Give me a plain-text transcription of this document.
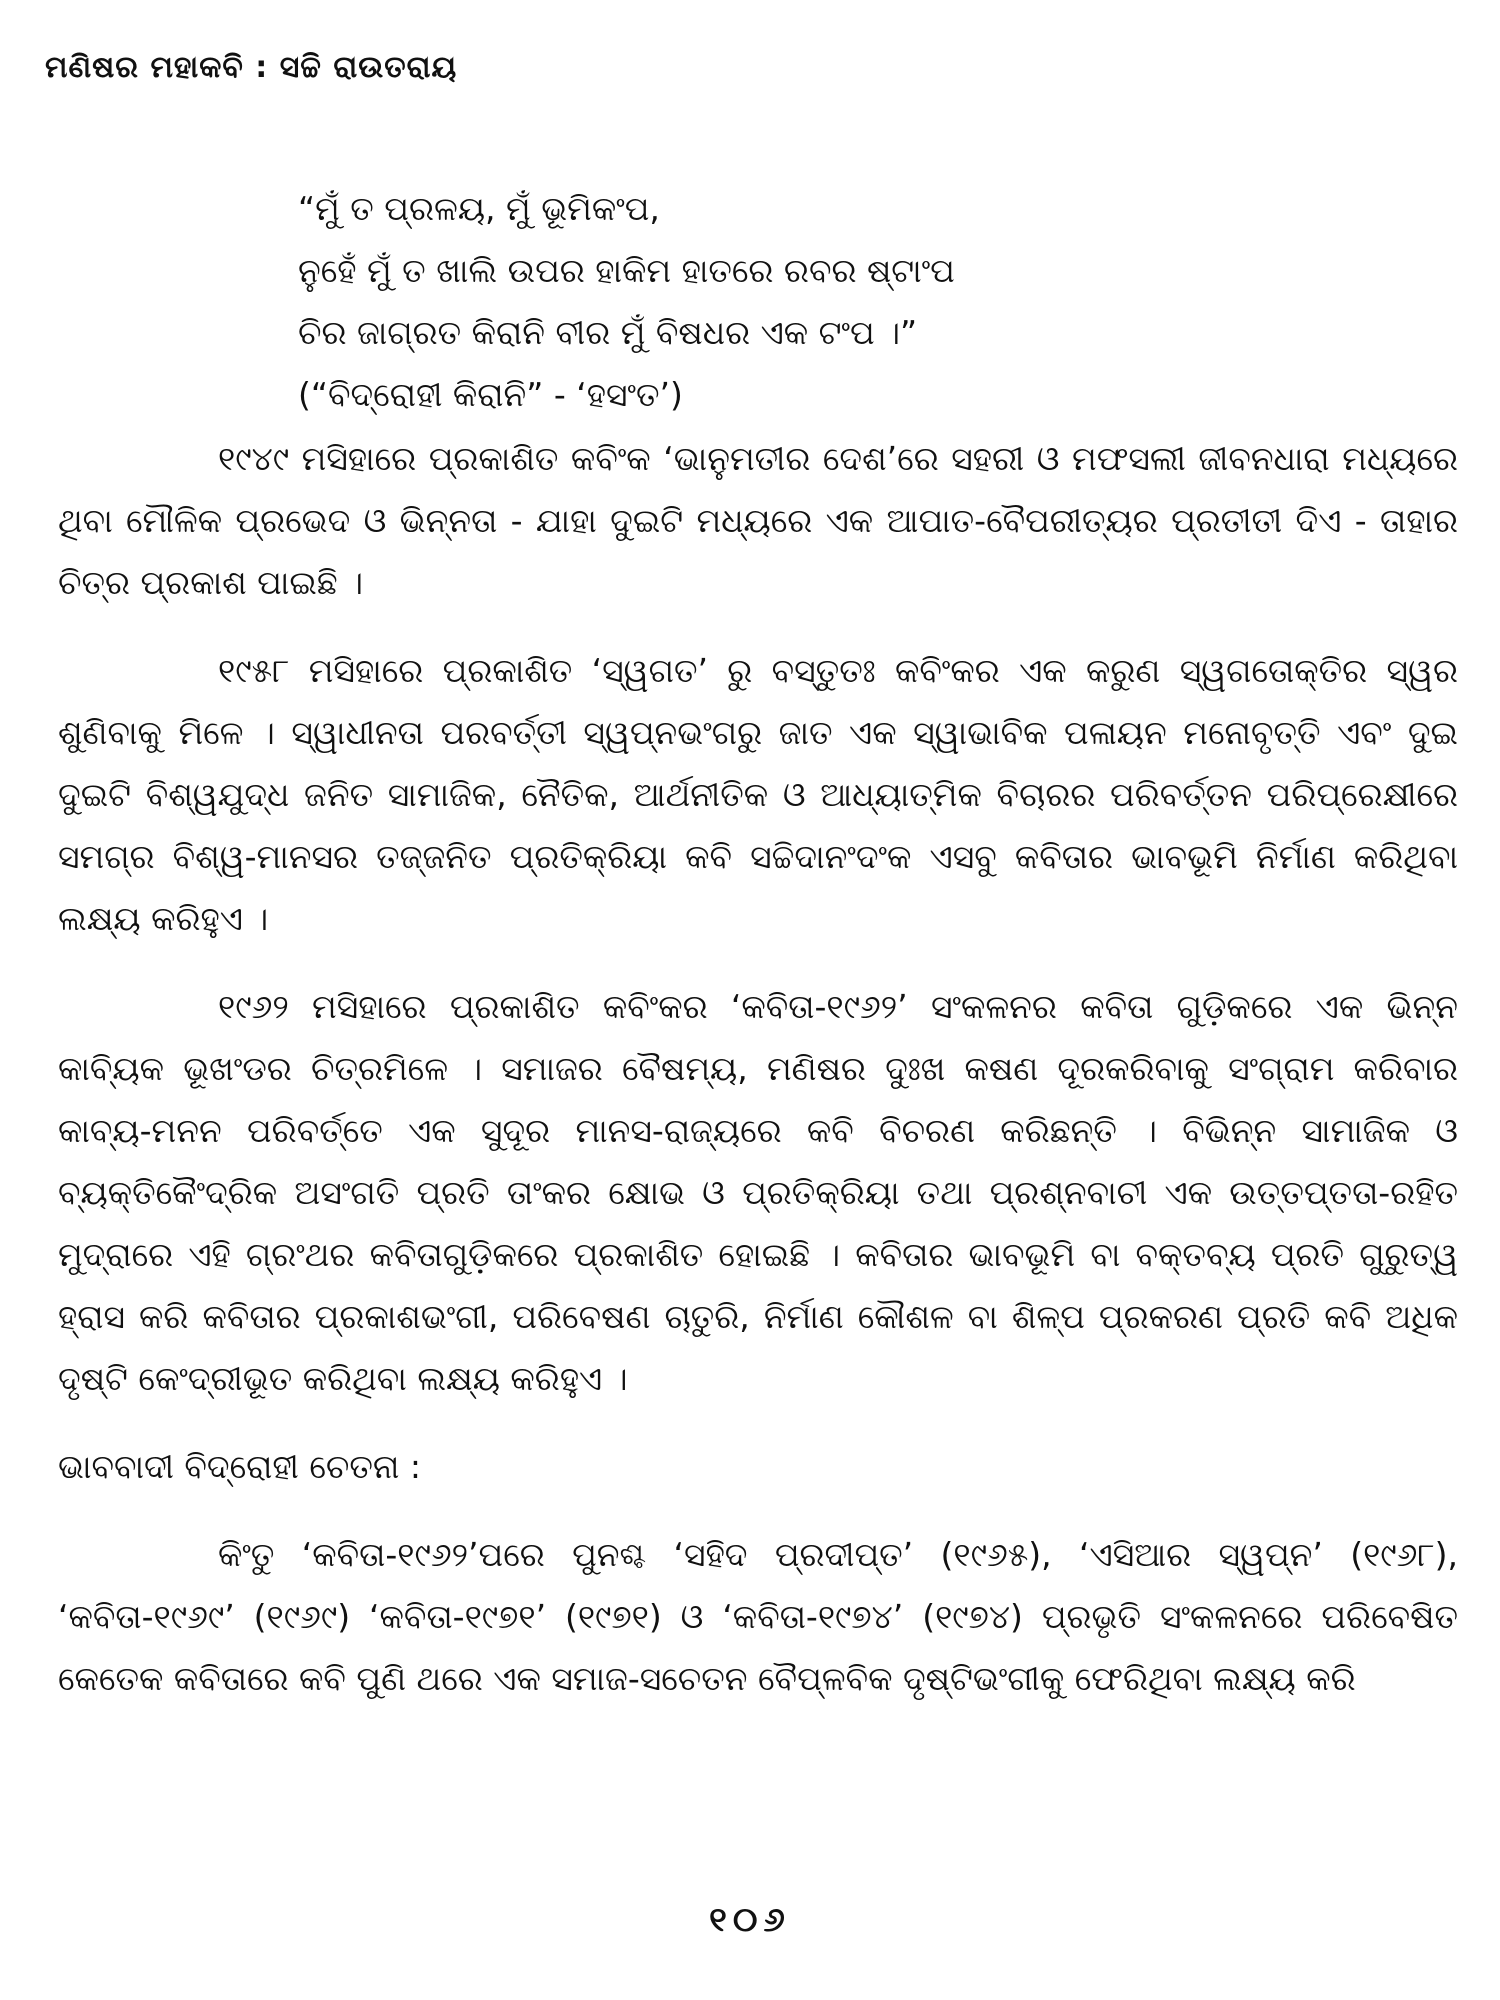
ମଣିଷର ମହାକବି : ସଚ୍ଚି ରାଉତରାୟ
“ମୁଁ ତ ପ୍ରଳୟ, ମୁଁ ଭୂମିକଂପ,
ନୁହେଁ ମୁଁ ତ ଖାଲି ଉପର ହାକିମ ହାତରେ ରବର ଷ୍ଟାଂପ
ଚିର ଜାଗ୍ରତ କିରାନି ବୀର ମୁଁ ବିଷଧର ଏକ ଟଂପ ।”
(“ବିଦ୍ରୋହୀ କିରାନି” - ‘ହସଂତ’)

୧୯୪୯ ମସିହାରେ ପ୍ରକାଶିତ କବିଂକ ‘ଭାନୁମତୀର ଦେଶ’ରେ ସହରୀ ଓ ମଫସଲୀ ଜୀବନଧାରା ମଧ୍ୟରେ ଥିବା ମୌଳିକ ପ୍ରଭେଦ ଓ ଭିନ୍ନତା - ଯାହା ଦୁଇଟି ମଧ୍ୟରେ ଏକ ଆପାତ-ବୈପରୀତ୍ୟର ପ୍ରତୀତୀ ଦିଏ - ତାହାର ଚିତ୍ର ପ୍ରକାଶ ପାଇଛି ।

୧୯୫୮ ମସିହାରେ ପ୍ରକାଶିତ ‘ସ୍ୱଗତ’ ରୁ ବସ୍ତୁତଃ କବିଂକର ଏକ କରୁଣ ସ୍ୱଗତୋକ୍ତିର ସ୍ୱର ଶୁଣିବାକୁ ମିଳେ । ସ୍ୱାଧୀନତା ପରବର୍ତ୍ତୀ ସ୍ୱପ୍ନଭଂଗରୁ ଜାତ ଏକ ସ୍ୱାଭାବିକ ପଳାୟନ ମନୋବୃତ୍ତି ଏବଂ ଦୁଇ ଦୁଇଟି ବିଶ୍ୱଯୁଦ୍ଧ ଜନିତ ସାମାଜିକ, ନୈତିକ, ଆର୍ଥନୀତିକ ଓ ଆଧ୍ୟାତ୍ମିକ ବିଚାରର ପରିବର୍ତ୍ତନ ପରିପ୍ରେକ୍ଷୀରେ ସମଗ୍ର ବିଶ୍ୱ-ମାନସର ତଜ୍ଜନିତ ପ୍ରତିକ୍ରିୟା କବି ସଚ୍ଚିଦାନଂଦଂକ ଏସବୁ କବିତାର ଭାବଭୂମି ନିର୍ମାଣ କରିଥିବା ଲକ୍ଷ୍ୟ କରିହୁଏ ।

୧୯୬୨ ମସିହାରେ ପ୍ରକାଶିତ କବିଂକର ‘କବିତା-୧୯୬୨’ ସଂକଳନର କବିତା ଗୁଡ଼ିକରେ ଏକ ଭିନ୍ନ କାବ୍ୟିକ ଭୂଖଂଡର ଚିତ୍ରମିଳେ । ସମାଜର ବୈଷମ୍ୟ, ମଣିଷର ଦୁଃଖ କଷଣ ଦୂରକରିବାକୁ ସଂଗ୍ରାମ କରିବାର କାବ୍ୟ-ମନନ ପରିବର୍ତ୍ତେ ଏକ ସୁଦୂର ମାନସ-ରାଜ୍ୟରେ କବି ବିଚରଣ କରିଛନ୍ତି । ବିଭିନ୍ନ ସାମାଜିକ ଓ ବ୍ୟକ୍ତିକୈଂଦ୍ରିକ ଅସଂଗତି ପ୍ରତି ତାଂକର କ୍ଷୋଭ ଓ ପ୍ରତିକ୍ରିୟା ତଥା ପ୍ରଶ୍ନବାଚୀ ଏକ ଉତ୍ତପ୍ତତା-ରହିତ ମୁଦ୍ରାରେ ଏହି ଗ୍ରଂଥର କବିତାଗୁଡ଼ିକରେ ପ୍ରକାଶିତ ହୋଇଛି । କବିତାର ଭାବଭୂମି ବା ବକ୍ତବ୍ୟ ପ୍ରତି ଗୁରୁତ୍ୱ ହ୍ରାସ କରି କବିତାର ପ୍ରକାଶଭଂଗୀ, ପରିବେଷଣ ଚାତୁରି, ନିର୍ମାଣ କୌଶଳ ବା ଶିଳ୍ପ ପ୍ରକରଣ ପ୍ରତି କବି ଅଧିକ ଦୃଷ୍ଟି କେଂଦ୍ରୀଭୂତ କରିଥିବା ଲକ୍ଷ୍ୟ କରିହୁଏ ।

ଭାବବାଦୀ ବିଦ୍ରୋହୀ ଚେତନା :

କିଂତୁ ‘କବିତା-୧୯୬୨’ପରେ ପୁନଶ୍ଚ ‘ସହିଦ ପ୍ରଦୀପ୍ତ’ (୧୯୬୫), ‘ଏସିଆର ସ୍ୱପ୍ନ’ (୧୯୬୮), ‘କବିତା-୧୯୬୯’ (୧୯୬୯) ‘କବିତା-୧୯୭୧’ (୧୯୭୧) ଓ ‘କବିତା-୧୯୭୪’ (୧୯୭୪) ପ୍ରଭୃତି ସଂକଳନରେ ପରିବେଷିତ କେତେକ କବିତାରେ କବି ପୁଣି ଥରେ ଏକ ସମାଜ-ସଚେତନ ବୈପ୍ଳବିକ ଦୃଷ୍ଟିଭଂଗୀକୁ ଫେରିଥିବା ଲକ୍ଷ୍ୟ କରି

୧୦୬
